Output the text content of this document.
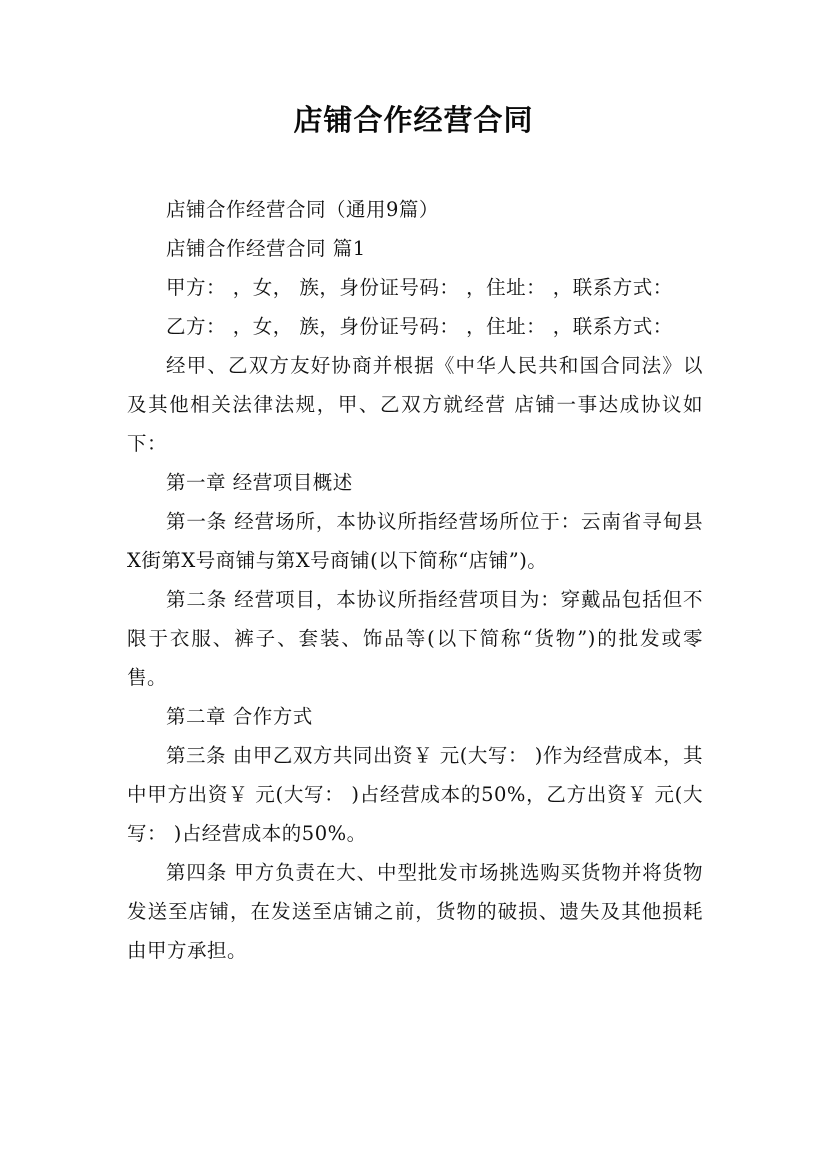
店铺合作经营合同

店铺合作经营合同（通用9篇）

店铺合作经营合同 篇1

甲方： ，女， 族，身份证号码： ，住址： ，联系方式：

乙方： ，女， 族，身份证号码： ，住址： ，联系方式：

经甲、乙双方友好协商并根据《中华人民共和国合同法》以及其他相关法律法规，甲、乙双方就经营 店铺一事达成协议如下：

第一章 经营项目概述

第一条 经营场所，本协议所指经营场所位于：云南省寻甸县X街第X号商铺与第X号商铺(以下简称“店铺”)。

第二条 经营项目，本协议所指经营项目为：穿戴品包括但不限于衣服、裤子、套装、饰品等(以下简称“货物”)的批发或零售。

第二章 合作方式

第三条 由甲乙双方共同出资￥ 元(大写： )作为经营成本，其中甲方出资￥ 元(大写： )占经营成本的50%，乙方出资￥ 元(大写： )占经营成本的50%。

第四条 甲方负责在大、中型批发市场挑选购买货物并将货物发送至店铺，在发送至店铺之前，货物的破损、遗失及其他损耗由甲方承担。
